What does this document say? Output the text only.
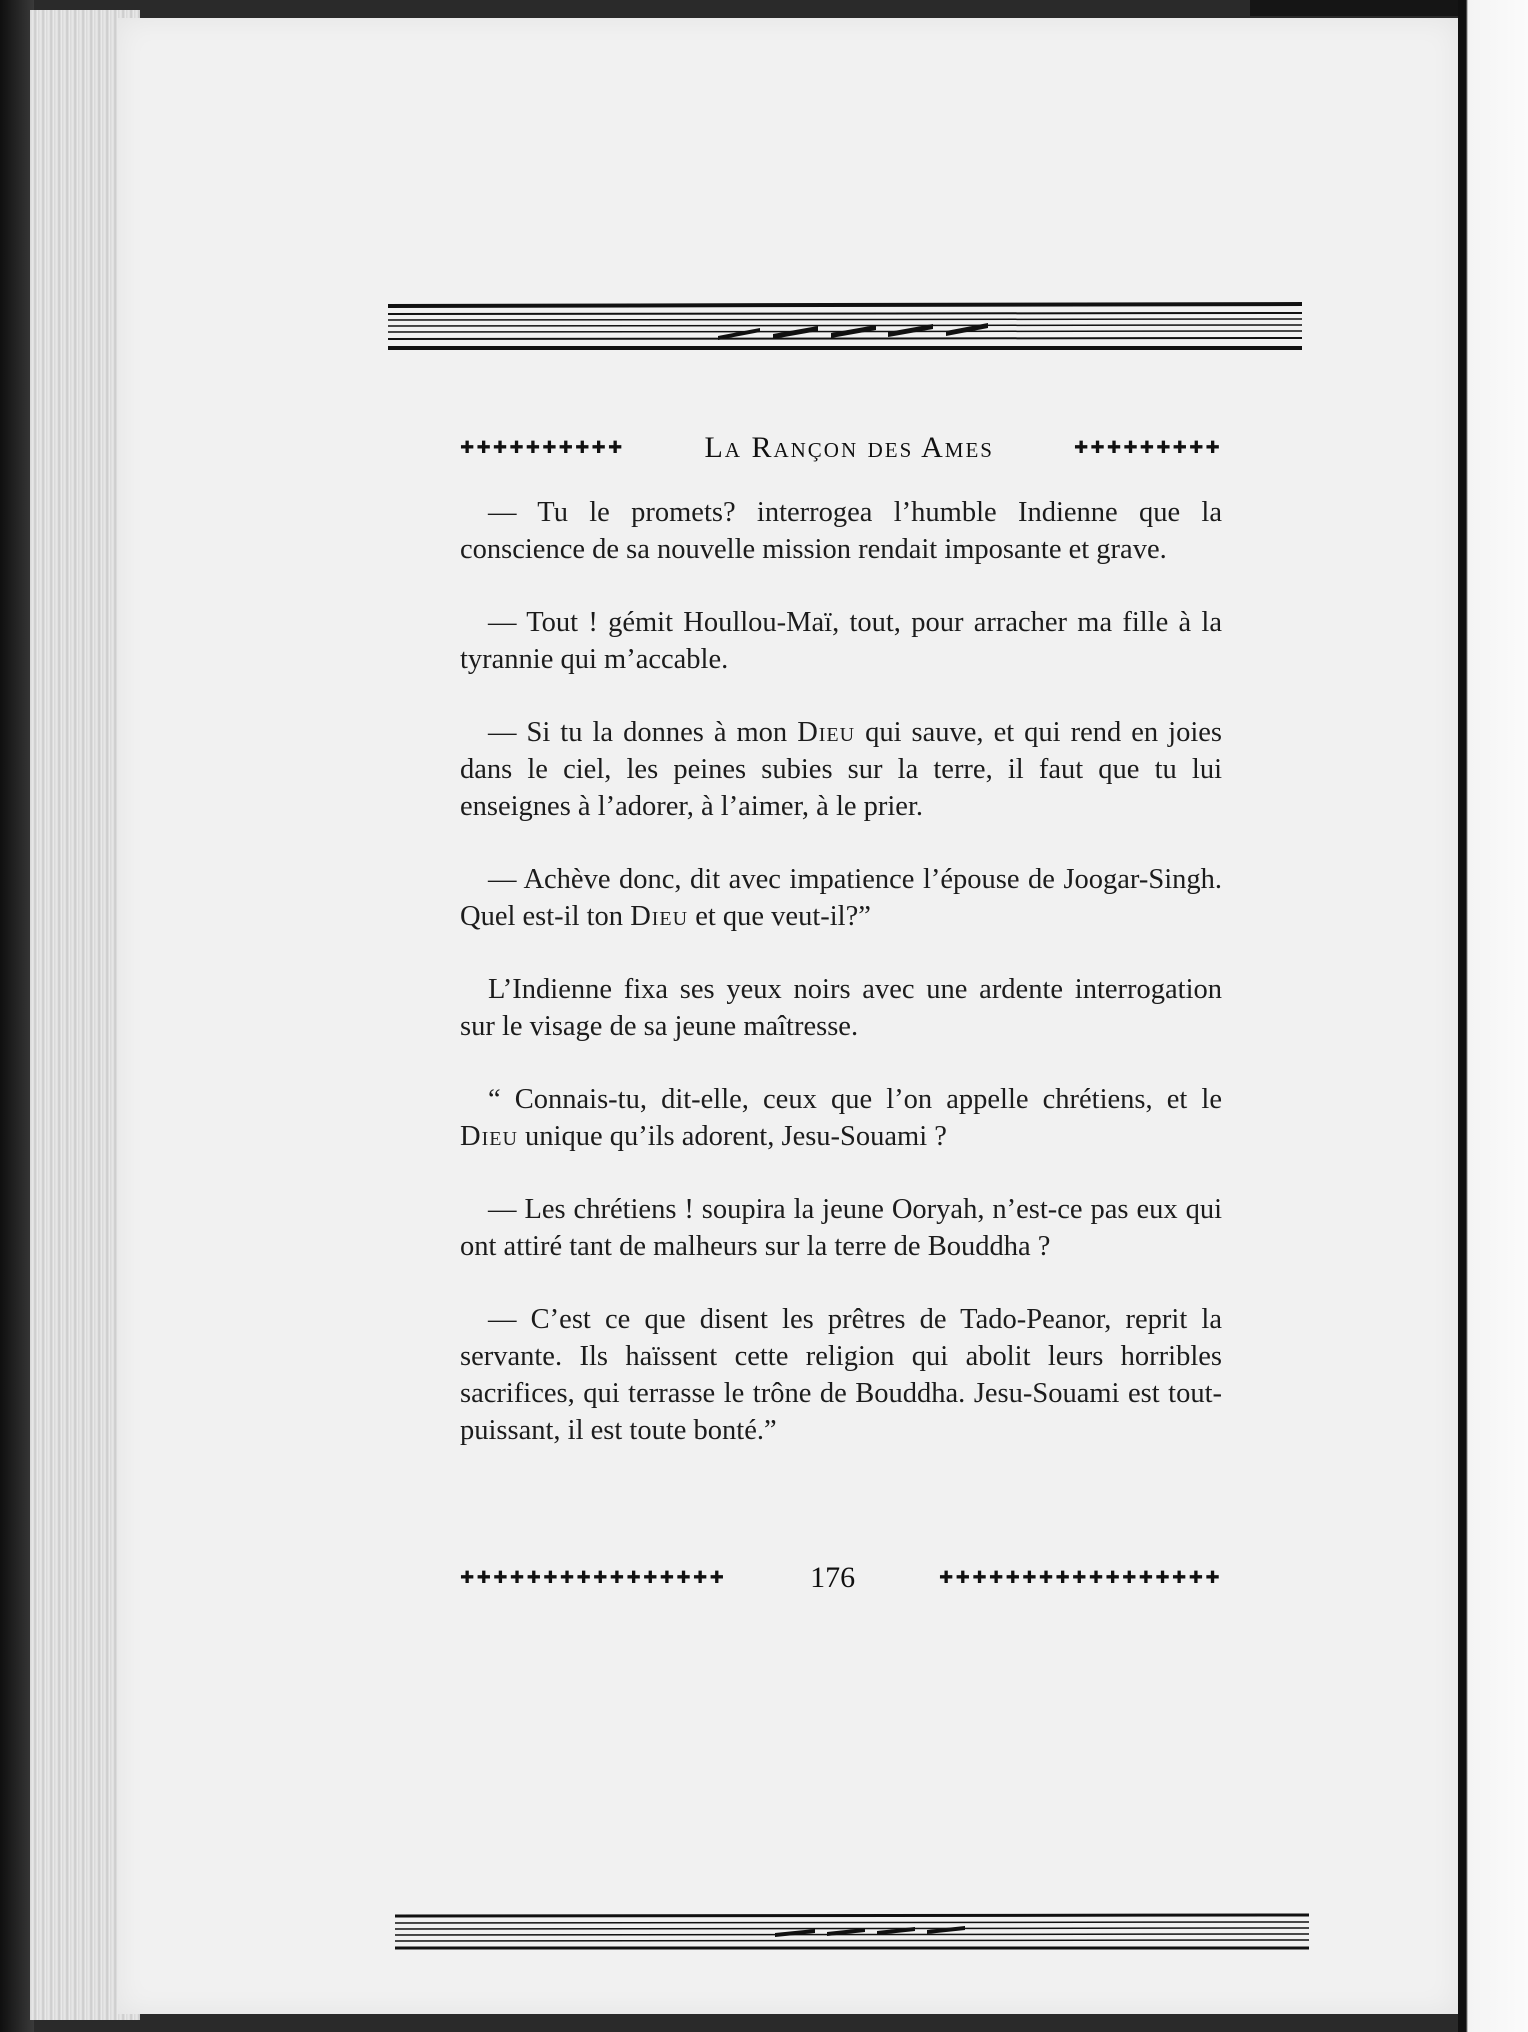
✚✚✚✚✚✚✚✚✚✚	La Rançon des Ames	✚✚✚✚✚✚✚✚✚

— Tu le promets? interrogea l’humble Indienne que la conscience de sa nouvelle mission rendait imposante et grave.

— Tout ! gémit Houllou-Maï, tout, pour arracher ma fille à la tyrannie qui m’accable.

— Si tu la donnes à mon Dieu qui sauve, et qui rend en joies dans le ciel, les peines subies sur la terre, il faut que tu lui enseignes à l’adorer, à l’aimer, à le prier.

— Achève donc, dit avec impatience l’épouse de Joogar-Singh. Quel est-il ton Dieu et que veut-il?”

L’Indienne fixa ses yeux noirs avec une ardente interrogation sur le visage de sa jeune maîtresse.

“ Connais-tu, dit-elle, ceux que l’on appelle chrétiens, et le Dieu unique qu’ils adorent, Jesu-Souami ?

— Les chrétiens ! soupira la jeune Ooryah, n’est-ce pas eux qui ont attiré tant de malheurs sur la terre de Bouddha ?

— C’est ce que disent les prêtres de Tado-Peanor, reprit la servante. Ils haïssent cette religion qui abolit leurs horribles sacrifices, qui terrasse le trône de Bouddha. Jesu-Souami est tout-puissant, il est toute bonté.”

✚✚✚✚✚✚✚✚✚✚✚✚✚✚✚✚	176	✚✚✚✚✚✚✚✚✚✚✚✚✚✚✚✚✚
